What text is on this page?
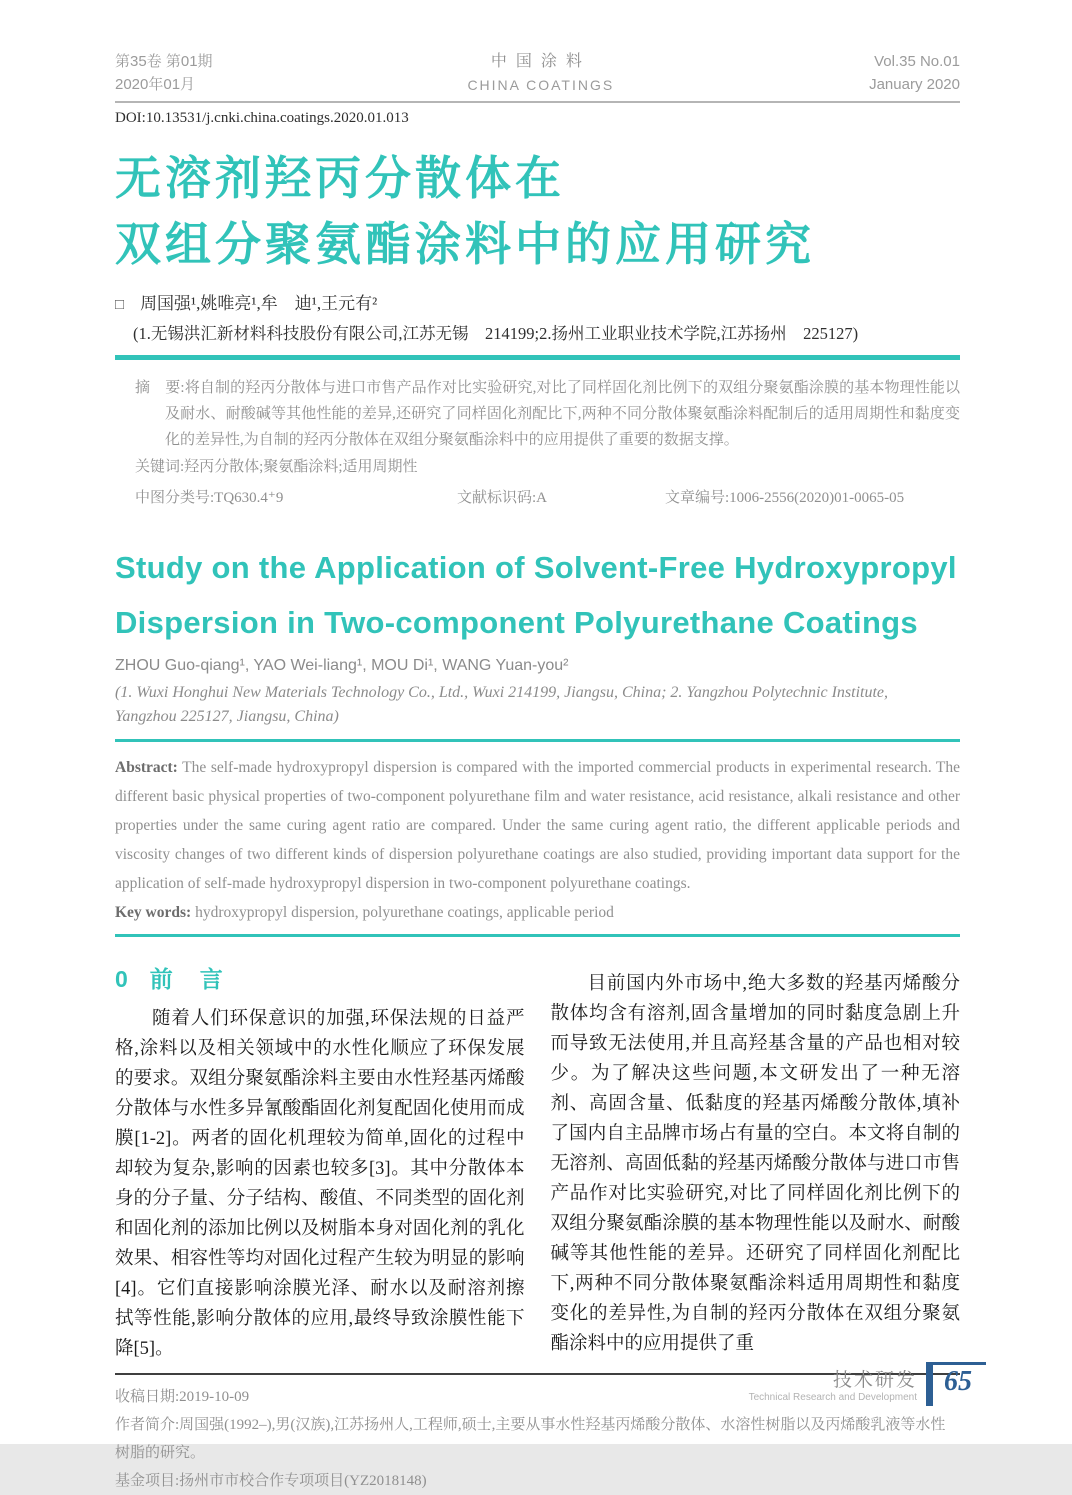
第35卷 第01期
2020年01月
中国涂料
CHINA COATINGS
Vol.35 No.01
January 2020
DOI:10.13531/j.cnki.china.coatings.2020.01.013
无溶剂羟丙分散体在
双组分聚氨酯涂料中的应用研究
□ 周国强¹,姚唯亮¹,牟　迪¹,王元有²
(1.无锡洪汇新材料科技股份有限公司,江苏无锡　214199;2.扬州工业职业技术学院,江苏扬州　225127)
摘　要:将自制的羟丙分散体与进口市售产品作对比实验研究,对比了同样固化剂比例下的双组分聚氨酯涂膜的基本物理性能以及耐水、耐酸碱等其他性能的差异,还研究了同样固化剂配比下,两种不同分散体聚氨酯涂料配制后的适用周期性和黏度变化的差异性,为自制的羟丙分散体在双组分聚氨酯涂料中的应用提供了重要的数据支撑。
关键词:羟丙分散体;聚氨酯涂料;适用周期性
中图分类号:TQ630.4⁺9	文献标识码:A	文章编号:1006-2556(2020)01-0065-05
Study on the Application of Solvent-Free Hydroxypropyl
Dispersion in Two-component Polyurethane Coatings
ZHOU Guo-qiang¹, YAO Wei-liang¹, MOU Di¹, WANG Yuan-you²
(1. Wuxi Honghui New Materials Technology Co., Ltd., Wuxi 214199, Jiangsu, China; 2. Yangzhou Polytechnic Institute, Yangzhou 225127, Jiangsu, China)

Abstract: The self-made hydroxypropyl dispersion is compared with the imported commercial products in experimental research. The different basic physical properties of two-component polyurethane film and water resistance, acid resistance, alkali resistance and other properties under the same curing agent ratio are compared. Under the same curing agent ratio, the different applicable periods and viscosity changes of two different kinds of dispersion polyurethane coatings are also studied, providing important data support for the application of self-made hydroxypropyl dispersion in two-component polyurethane coatings.

Key words: hydroxypropyl dispersion, polyurethane coatings, applicable period

0 前　言

随着人们环保意识的加强,环保法规的日益严格,涂料以及相关领域中的水性化顺应了环保发展的要求。双组分聚氨酯涂料主要由水性羟基丙烯酸分散体与水性多异氰酸酯固化剂复配固化使用而成膜[1-2]。两者的固化机理较为简单,固化的过程中却较为复杂,影响的因素也较多[3]。其中分散体本身的分子量、分子结构、酸值、不同类型的固化剂和固化剂的添加比例以及树脂本身对固化剂的乳化效果、相容性等均对固化过程产生较为明显的影响[4]。它们直接影响涂膜光泽、耐水以及耐溶剂擦拭等性能,影响分散体的应用,最终导致涂膜性能下降[5]。

目前国内外市场中,绝大多数的羟基丙烯酸分散体均含有溶剂,固含量增加的同时黏度急剧上升而导致无法使用,并且高羟基含量的产品也相对较少。为了解决这些问题,本文研发出了一种无溶剂、高固含量、低黏度的羟基丙烯酸分散体,填补了国内自主品牌市场占有量的空白。本文将自制的无溶剂、高固低黏的羟基丙烯酸分散体与进口市售产品作对比实验研究,对比了同样固化剂比例下的双组分聚氨酯涂膜的基本物理性能以及耐水、耐酸碱等其他性能的差异。还研究了同样固化剂配比下,两种不同分散体聚氨酯涂料适用周期性和黏度变化的差异性,为自制的羟丙分散体在双组分聚氨酯涂料中的应用提供了重

收稿日期:2019-10-09
作者简介:周国强(1992–),男(汉族),江苏扬州人,工程师,硕士,主要从事水性羟基丙烯酸分散体、水溶性树脂以及丙烯酸乳液等水性树脂的研究。
基金项目:扬州市市校合作专项项目(YZ2018148)
技术研发
Technical Research and Development
65
